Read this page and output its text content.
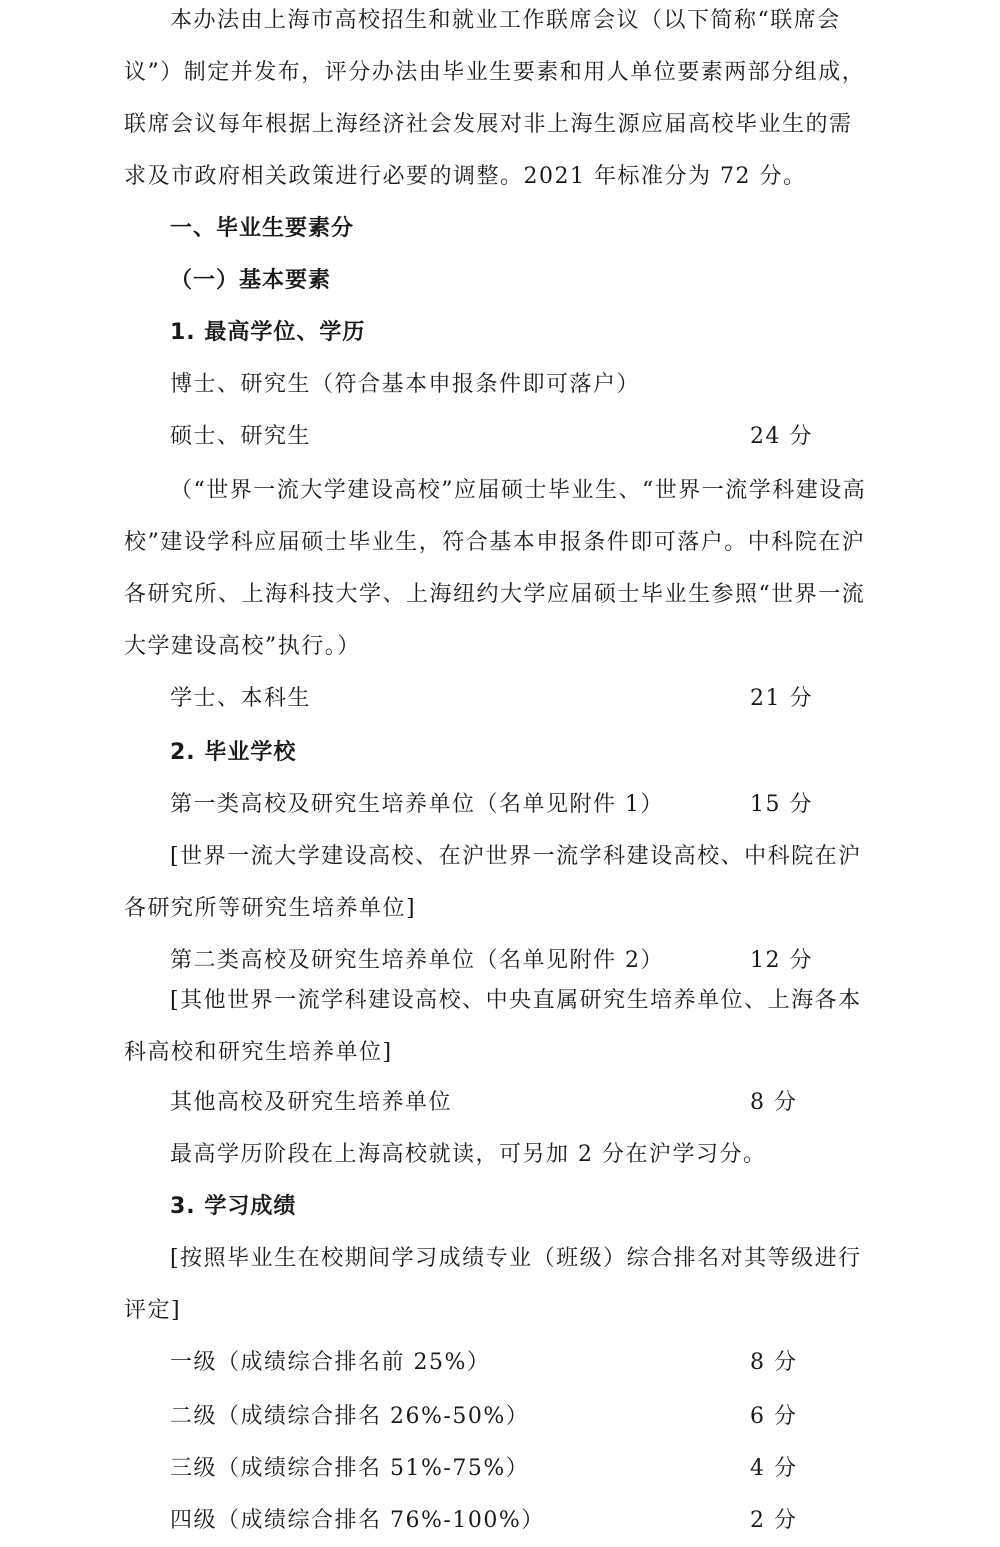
本办法由上海市高校招生和就业工作联席会议（以下简称“联席会
议”）制定并发布，评分办法由毕业生要素和用人单位要素两部分组成，
联席会议每年根据上海经济社会发展对非上海生源应届高校毕业生的需
求及市政府相关政策进行必要的调整。2021 年标准分为 72 分。
一、毕业生要素分
（一）基本要素
1. 最高学位、学历
博士、研究生（符合基本申报条件即可落户）
硕士、研究生	24 分
（“世界一流大学建设高校”应届硕士毕业生、“世界一流学科建设高
校”建设学科应届硕士毕业生，符合基本申报条件即可落户。中科院在沪
各研究所、上海科技大学、上海纽约大学应届硕士毕业生参照“世界一流
大学建设高校”执行。）
学士、本科生	21 分
2. 毕业学校
第一类高校及研究生培养单位（名单见附件 1）	15 分
[世界一流大学建设高校、在沪世界一流学科建设高校、中科院在沪
各研究所等研究生培养单位]
第二类高校及研究生培养单位（名单见附件 2）	12 分
[其他世界一流学科建设高校、中央直属研究生培养单位、上海各本
科高校和研究生培养单位]
其他高校及研究生培养单位	8 分
最高学历阶段在上海高校就读，可另加 2 分在沪学习分。
3. 学习成绩
[按照毕业生在校期间学习成绩专业（班级）综合排名对其等级进行
评定]
一级（成绩综合排名前 25%）	8 分
二级（成绩综合排名 26%-50%）	6 分
三级（成绩综合排名 51%-75%）	4 分
四级（成绩综合排名 76%-100%）	2 分
